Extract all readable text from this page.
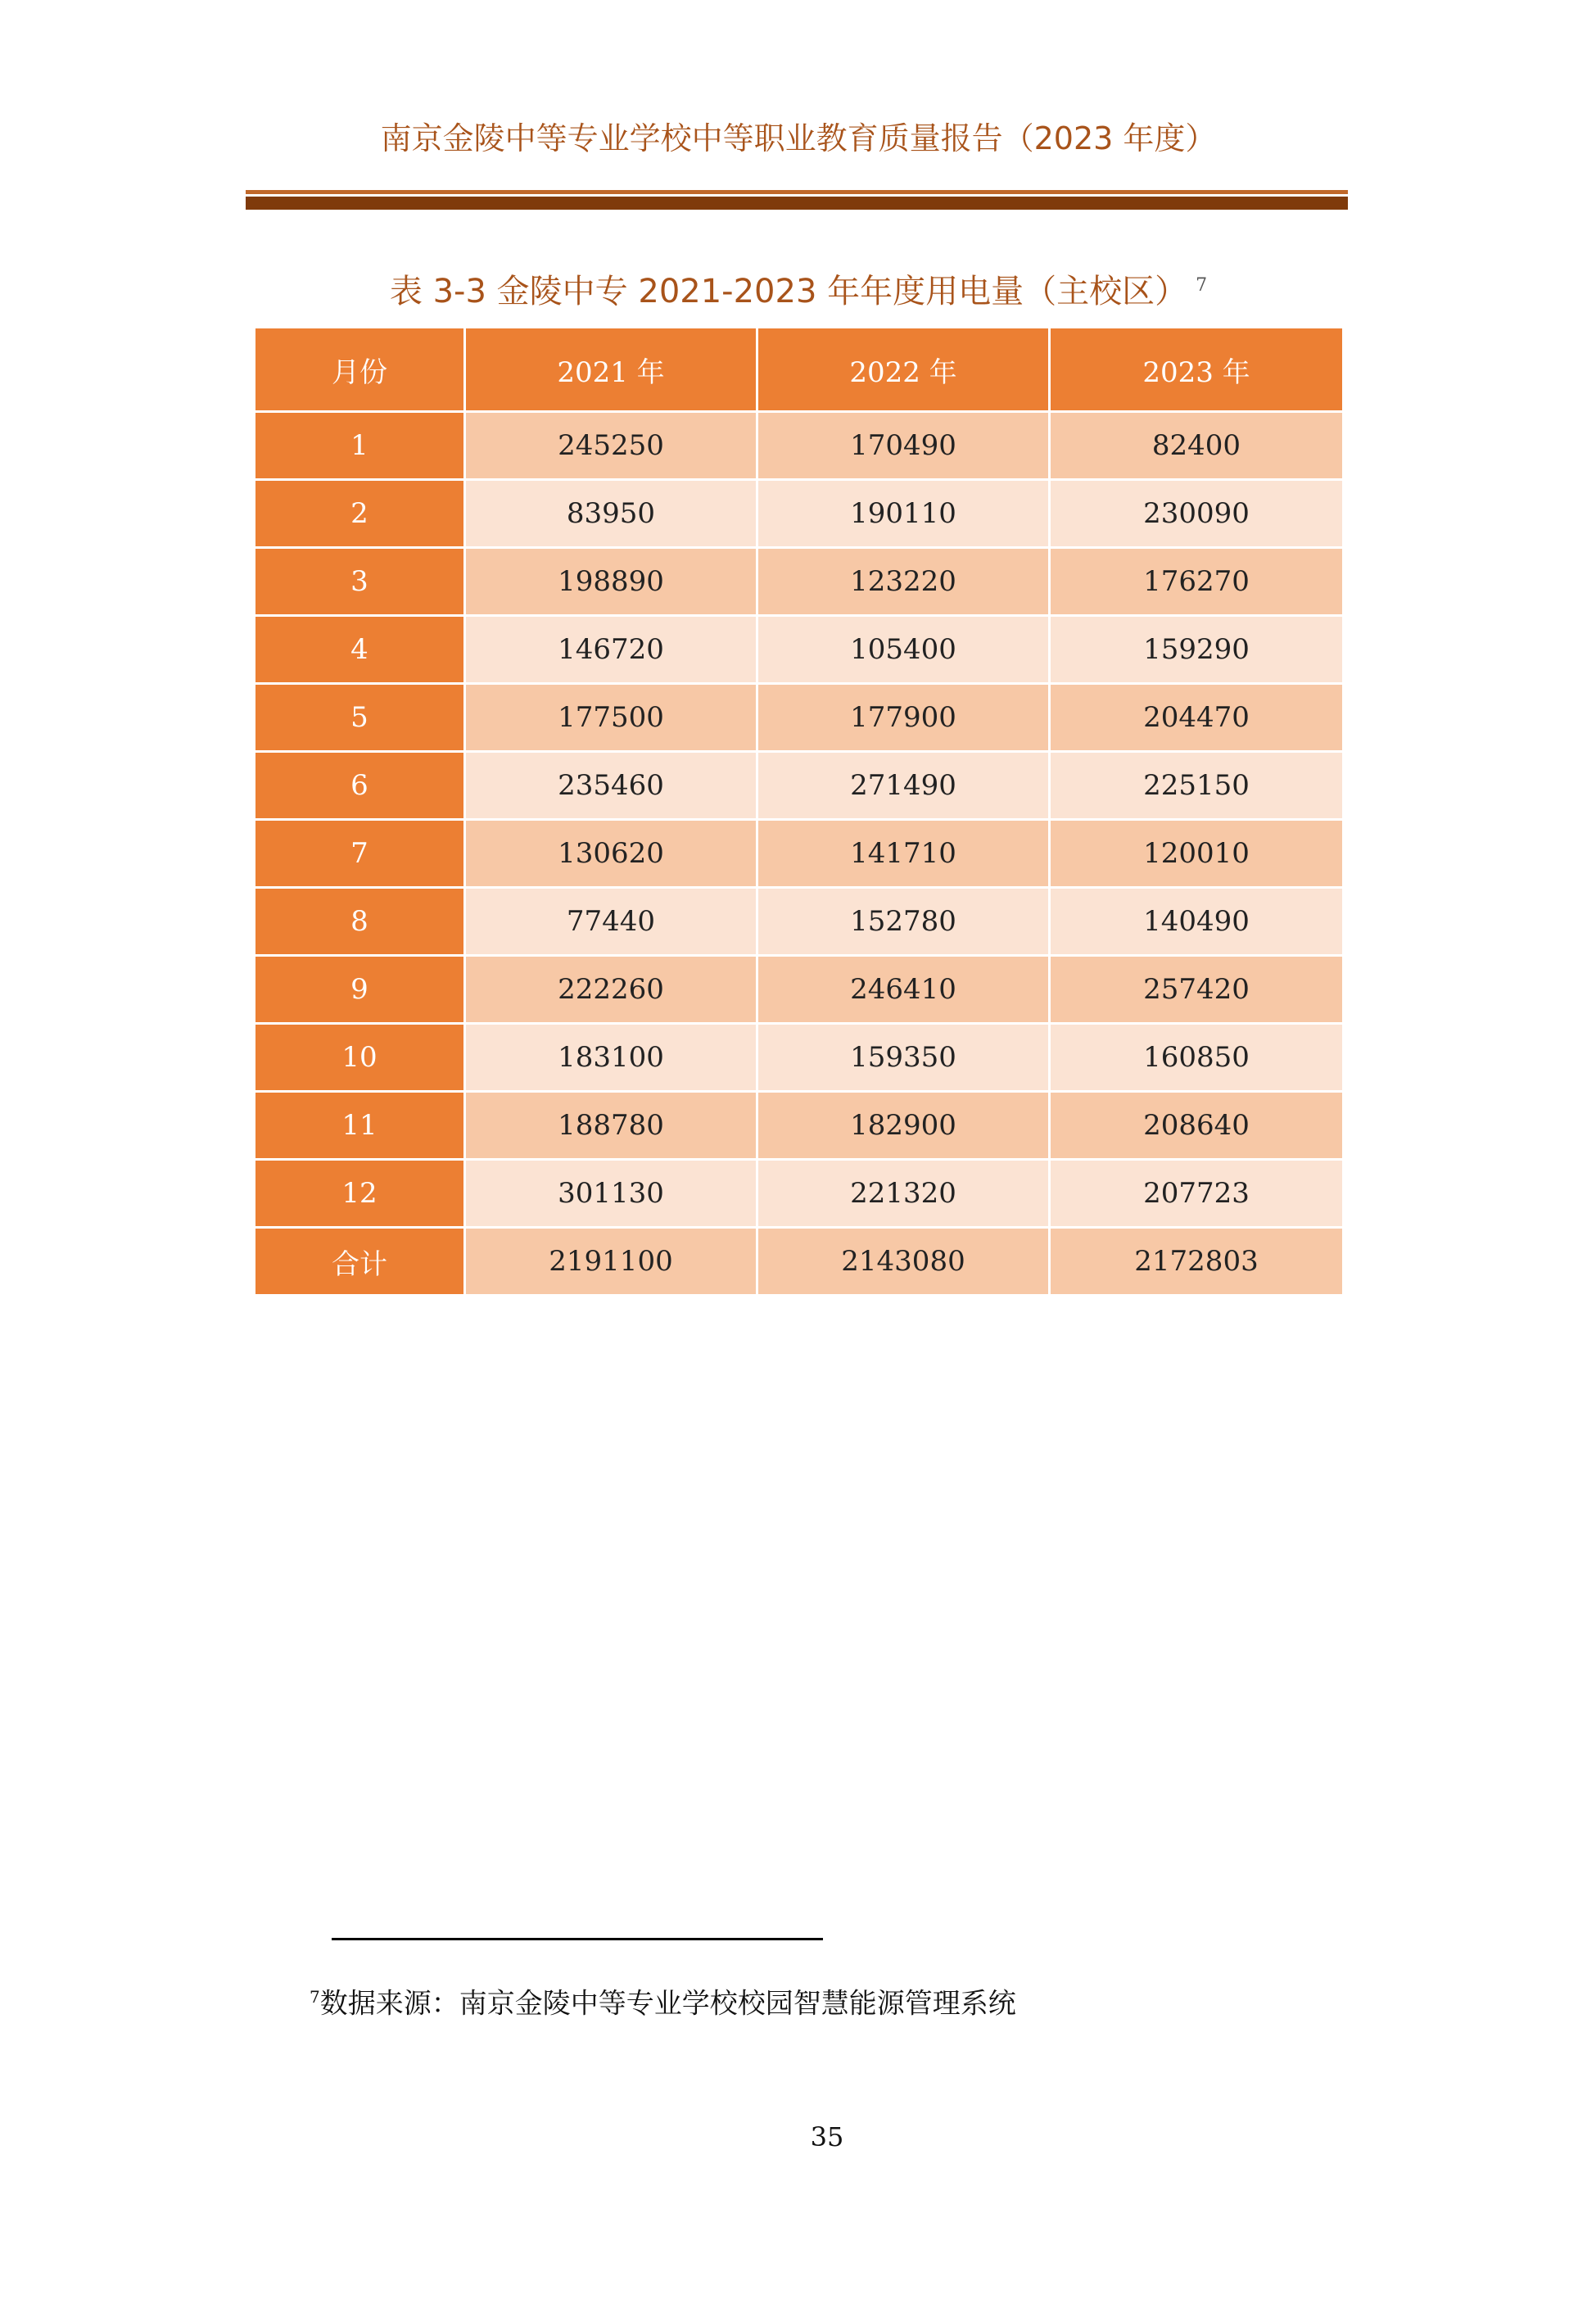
南京金陵中等专业学校中等职业教育质量报告（2023 年度）
表 3-3 金陵中专 2021-2023 年年度用电量（主校区） $^7$
月份	2021 年	2022 年	2023 年
1	245250	170490	82400
2	83950	190110	230090
3	198890	123220	176270
4	146720	105400	159290
5	177500	177900	204470
6	235460	271490	225150
7	130620	141710	120010
8	77440	152780	140490
9	222260	246410	257420
10	183100	159350	160850
11	188780	182900	208640
12	301130	221320	207723
合计	2191100	2143080	2172803
$^7$数据来源：南京金陵中等专业学校校园智慧能源管理系统
35
